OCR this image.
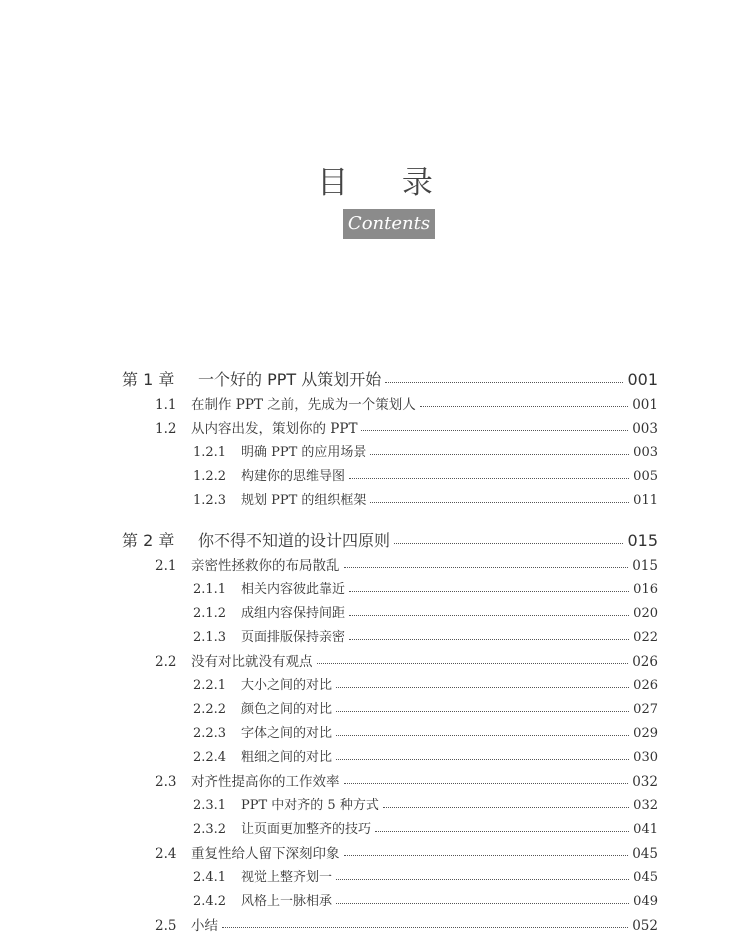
目 录
Contents
第 1 章	一个好的 PPT 从策划开始	001
1.1	在制作 PPT 之前，先成为一个策划人	001
1.2	从内容出发，策划你的 PPT	003
1.2.1	明确 PPT 的应用场景	003
1.2.2	构建你的思维导图	005
1.2.3	规划 PPT 的组织框架	011
第 2 章	你不得不知道的设计四原则	015
2.1	亲密性拯救你的布局散乱	015
2.1.1	相关内容彼此靠近	016
2.1.2	成组内容保持间距	020
2.1.3	页面排版保持亲密	022
2.2	没有对比就没有观点	026
2.2.1	大小之间的对比	026
2.2.2	颜色之间的对比	027
2.2.3	字体之间的对比	029
2.2.4	粗细之间的对比	030
2.3	对齐性提高你的工作效率	032
2.3.1	PPT 中对齐的 5 种方式	032
2.3.2	让页面更加整齐的技巧	041
2.4	重复性给人留下深刻印象	045
2.4.1	视觉上整齐划一	045
2.4.2	风格上一脉相承	049
2.5	小结	052
